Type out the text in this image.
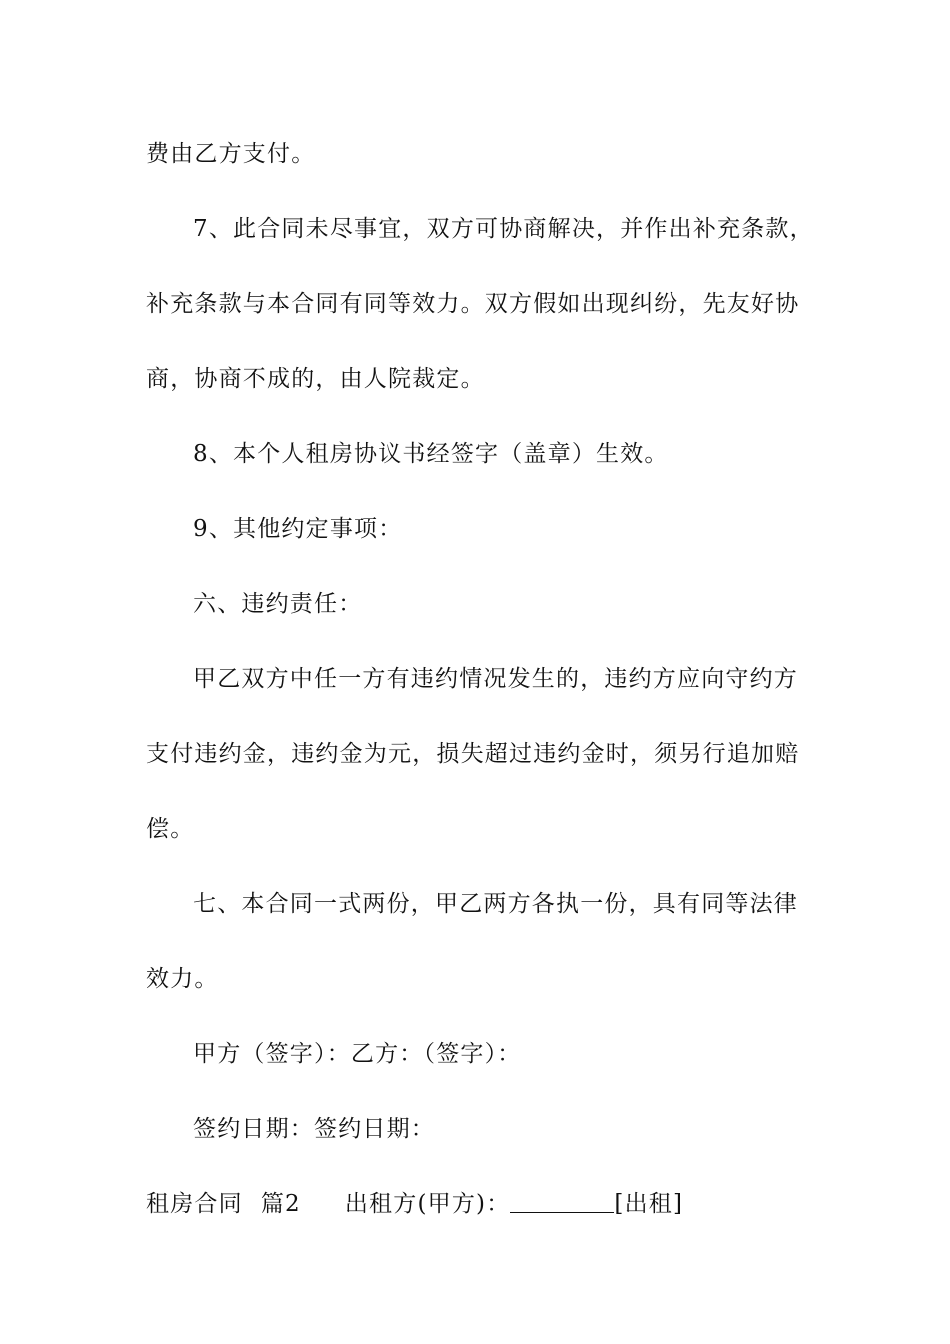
费由乙方支付。
7、此合同未尽事宜，双方可协商解决，并作出补充条款，
补充条款与本合同有同等效力。双方假如出现纠纷，先友好协
商，协商不成的，由人院裁定。
8、本个人租房协议书经签字（盖章）生效。
9、其他约定事项：
六、违约责任：
甲乙双方中任一方有违约情况发生的，违约方应向守约方
支付违约金，违约金为元，损失超过违约金时，须另行追加赔
偿。
七、本合同一式两份，甲乙两方各执一份，具有同等法律
效力。
甲方（签字）：乙方：（签字）：
签约日期：签约日期：
租房合同 篇2 出租方(甲方)：	[出租]
